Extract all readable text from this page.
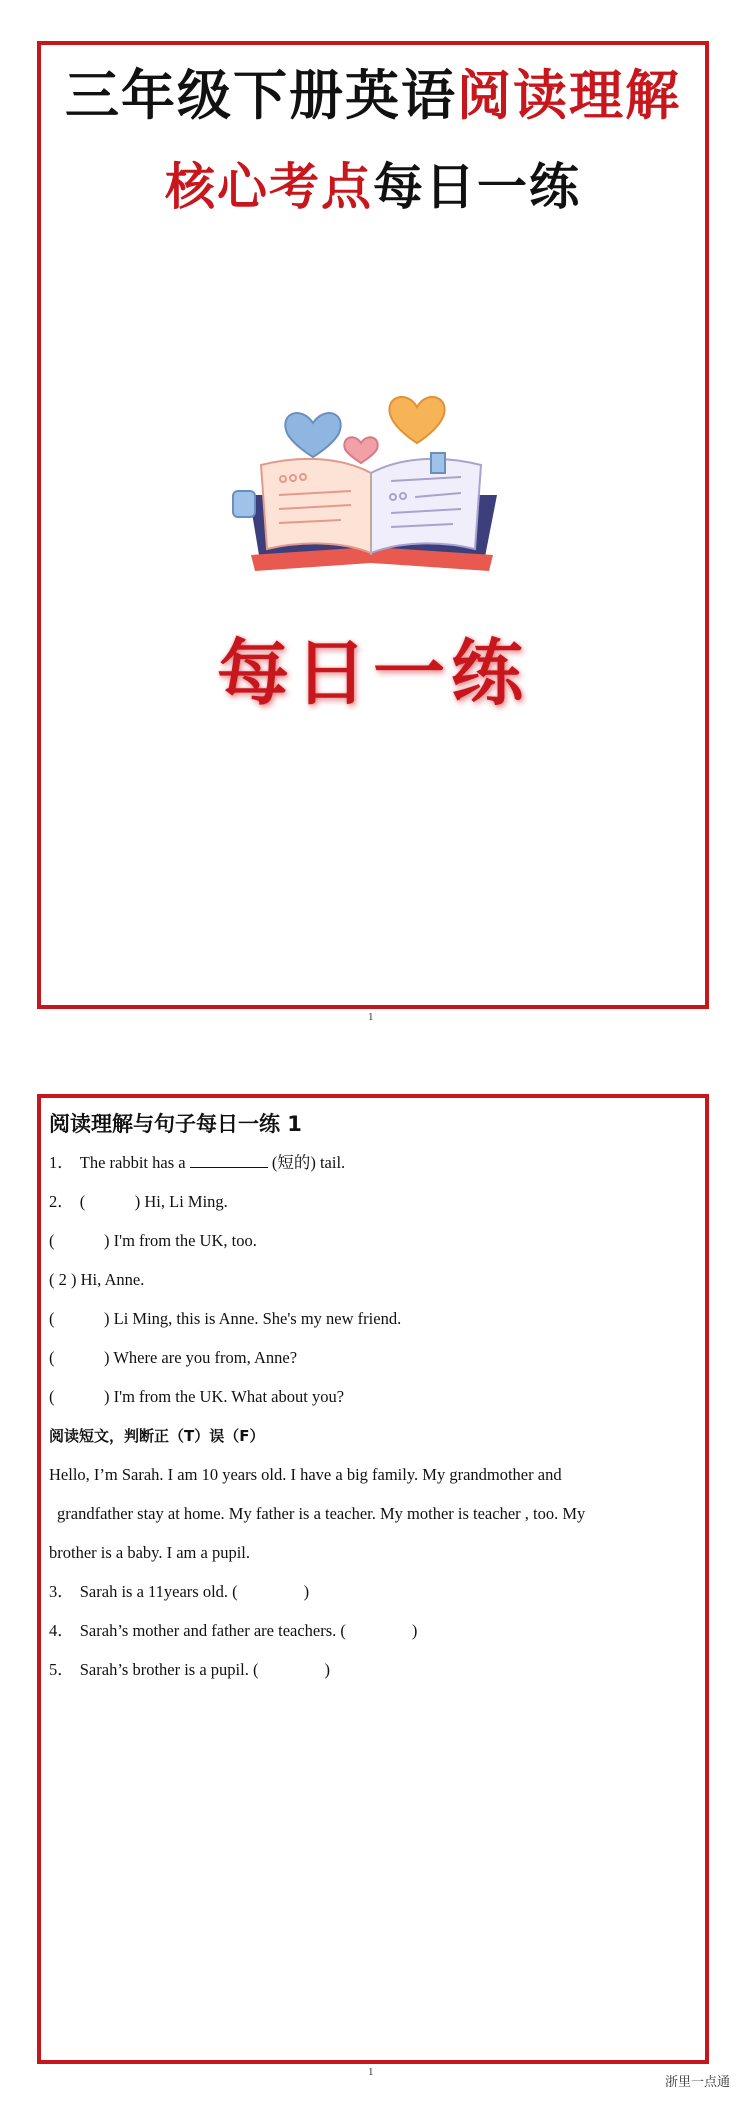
三年级下册英语阅读理解
核心考点每日一练
每日一练
1
阅读理解与句子每日一练 1
1． The rabbit has a	(短的) tail.
2． (　　　) Hi, Li Ming.
(　　　) I'm from the UK, too.
( 2 ) Hi, Anne.
(　　　) Li Ming, this is Anne. She's my new friend.
(　　　) Where are you from, Anne?
(　　　) I'm from the UK. What about you?
阅读短文，判断正（T）误（F）
Hello, I’m Sarah. I am 10 years old. I have a big family. My grandmother and
grandfather stay at home. My father is a teacher. My mother is teacher , too. My
brother is a baby. I am a pupil.
3． Sarah is a 11years old. (　　　　)
4． Sarah’s mother and father are teachers. (　　　　)
5． Sarah’s brother is a pupil. (　　　　)
1
浙里一点通
